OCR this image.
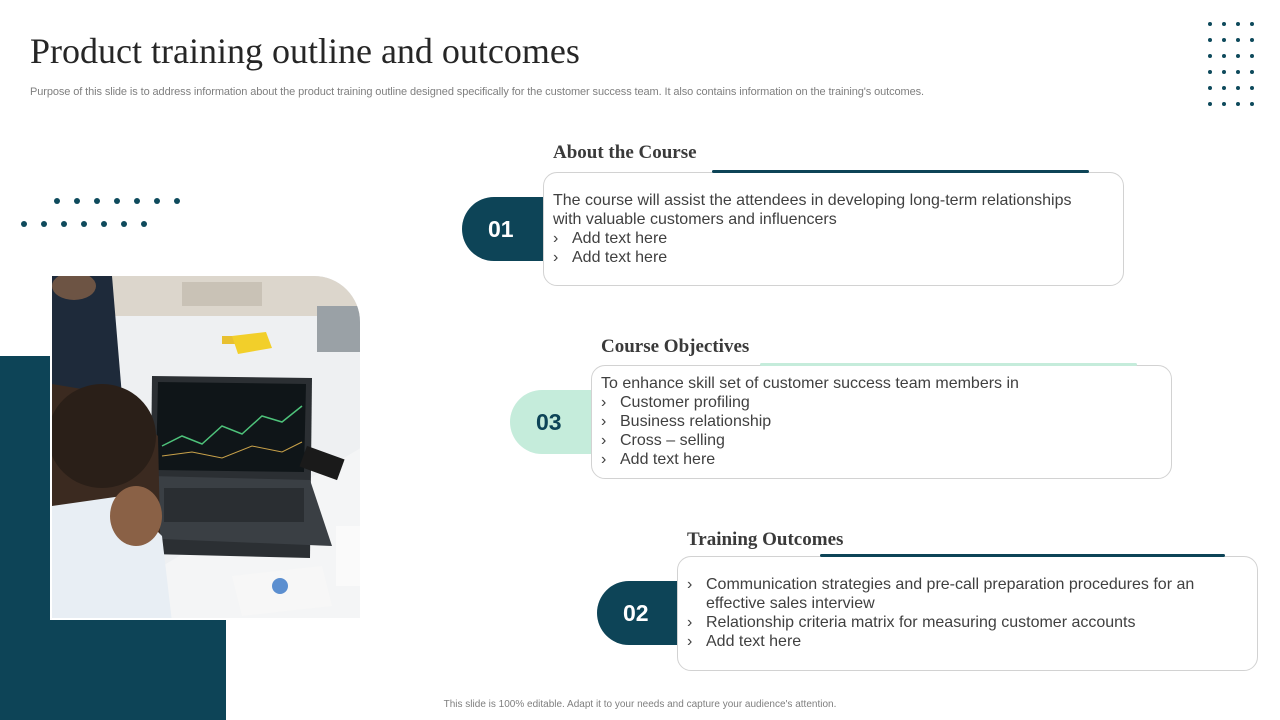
Product training outline and outcomes

Purpose of this slide is to address information about the product training outline designed specifically for the customer success team. It also contains information on the training's outcomes.

About the Course
01
The course will assist the attendees in developing long-term relationships
with valuable customers and influencers
› Add text here
› Add text here
Course Objectives
03
To enhance skill set of customer success team members in
› Customer profiling
› Business relationship
› Cross – selling
› Add text here
Training Outcomes
02
› Communication strategies and pre-call preparation procedures for an
effective sales interview
› Relationship criteria matrix for measuring customer accounts
› Add text here
This slide is 100% editable. Adapt it to your needs and capture your audience's attention.
